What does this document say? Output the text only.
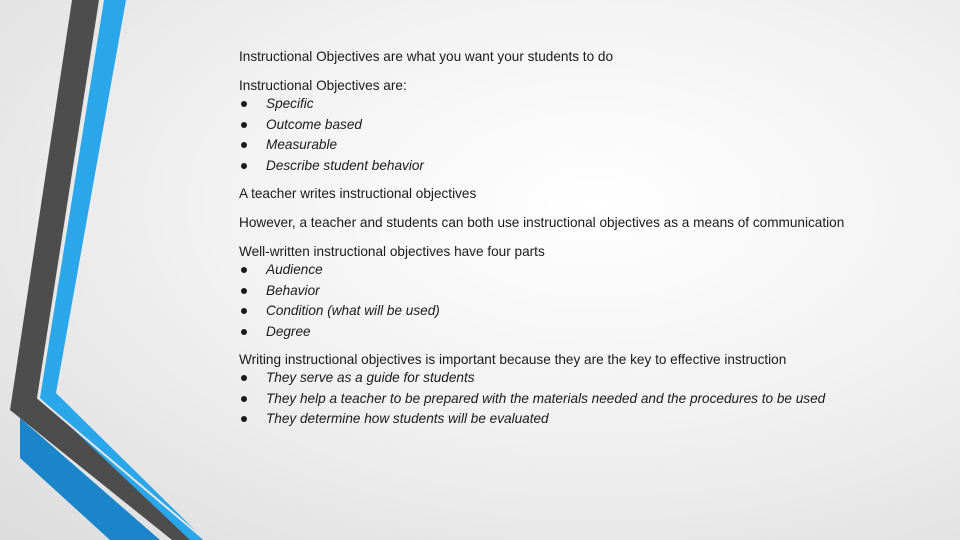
Instructional Objectives are what you want your students to do

Instructional Objectives are:

Specific
Outcome based
Measurable
Describe student behavior

A teacher writes instructional objectives

However, a teacher and students can both use instructional objectives as a means of communication

Well-written instructional objectives have four parts

Audience
Behavior
Condition (what will be used)
Degree

Writing instructional objectives is important because they are the key to effective instruction

They serve as a guide for students
They help a teacher to be prepared with the materials needed and the procedures to be used
They determine how students will be evaluated
